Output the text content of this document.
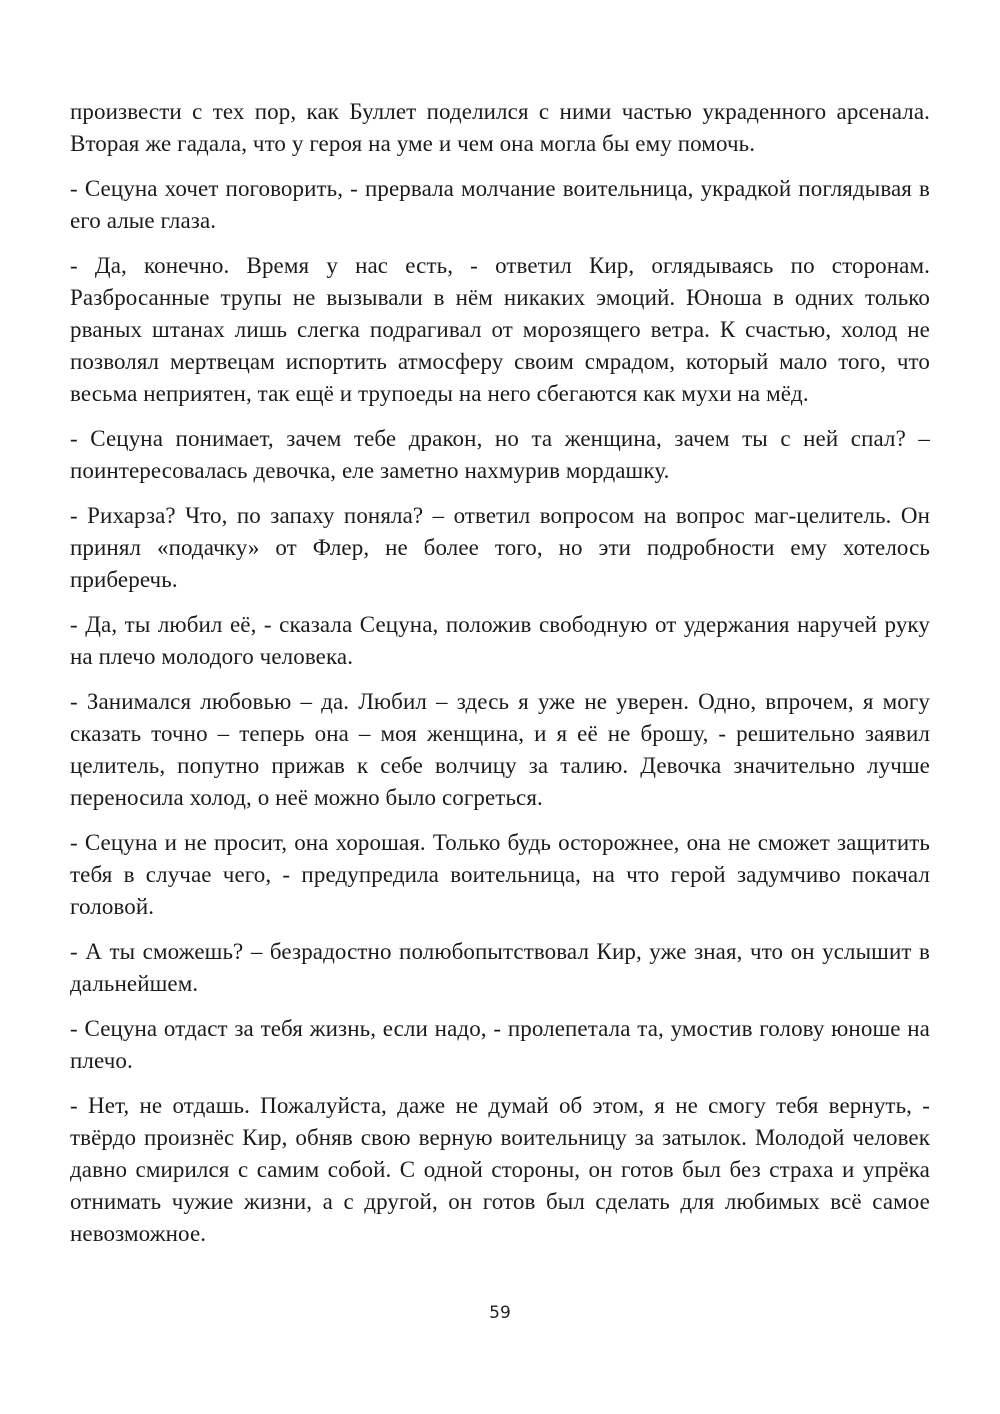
произвести с тех пор, как Буллет поделился с ними частью украденного арсенала. Вторая же гадала, что у героя на уме и чем она могла бы ему помочь.

- Сецуна хочет поговорить, - прервала молчание воительница, украдкой поглядывая в его алые глаза.

- Да, конечно. Время у нас есть, - ответил Кир, оглядываясь по сторонам. Разбросанные трупы не вызывали в нём никаких эмоций. Юноша в одних только рваных штанах лишь слегка подрагивал от морозящего ветра. К счастью, холод не позволял мертвецам испортить атмосферу своим смрадом, который мало того, что весьма неприятен, так ещё и трупоеды на него сбегаются как мухи на мёд.

- Сецуна понимает, зачем тебе дракон, но та женщина, зачем ты с ней спал? – поинтересовалась девочка, еле заметно нахмурив мордашку.

- Рихарза? Что, по запаху поняла? – ответил вопросом на вопрос маг-целитель. Он принял «подачку» от Флер, не более того, но эти подробности ему хотелось приберечь.

- Да, ты любил её, - сказала Сецуна, положив свободную от удержания наручей руку на плечо молодого человека.

- Занимался любовью – да. Любил – здесь я уже не уверен. Одно, впрочем, я могу сказать точно – теперь она – моя женщина, и я её не брошу, - решительно заявил целитель, попутно прижав к себе волчицу за талию. Девочка значительно лучше переносила холод, о неё можно было согреться.

- Сецуна и не просит, она хорошая. Только будь осторожнее, она не сможет защитить тебя в случае чего, - предупредила воительница, на что герой задумчиво покачал головой.

- А ты сможешь? – безрадостно полюбопытствовал Кир, уже зная, что он услышит в дальнейшем.

- Сецуна отдаст за тебя жизнь, если надо, - пролепетала та, умостив голову юноше на плечо.

- Нет, не отдашь. Пожалуйста, даже не думай об этом, я не смогу тебя вернуть, - твёрдо произнёс Кир, обняв свою верную воительницу за затылок. Молодой человек давно смирился с самим собой. С одной стороны, он готов был без страха и упрёка отнимать чужие жизни, а с другой, он готов был сделать для любимых всё самое невозможное.

59
